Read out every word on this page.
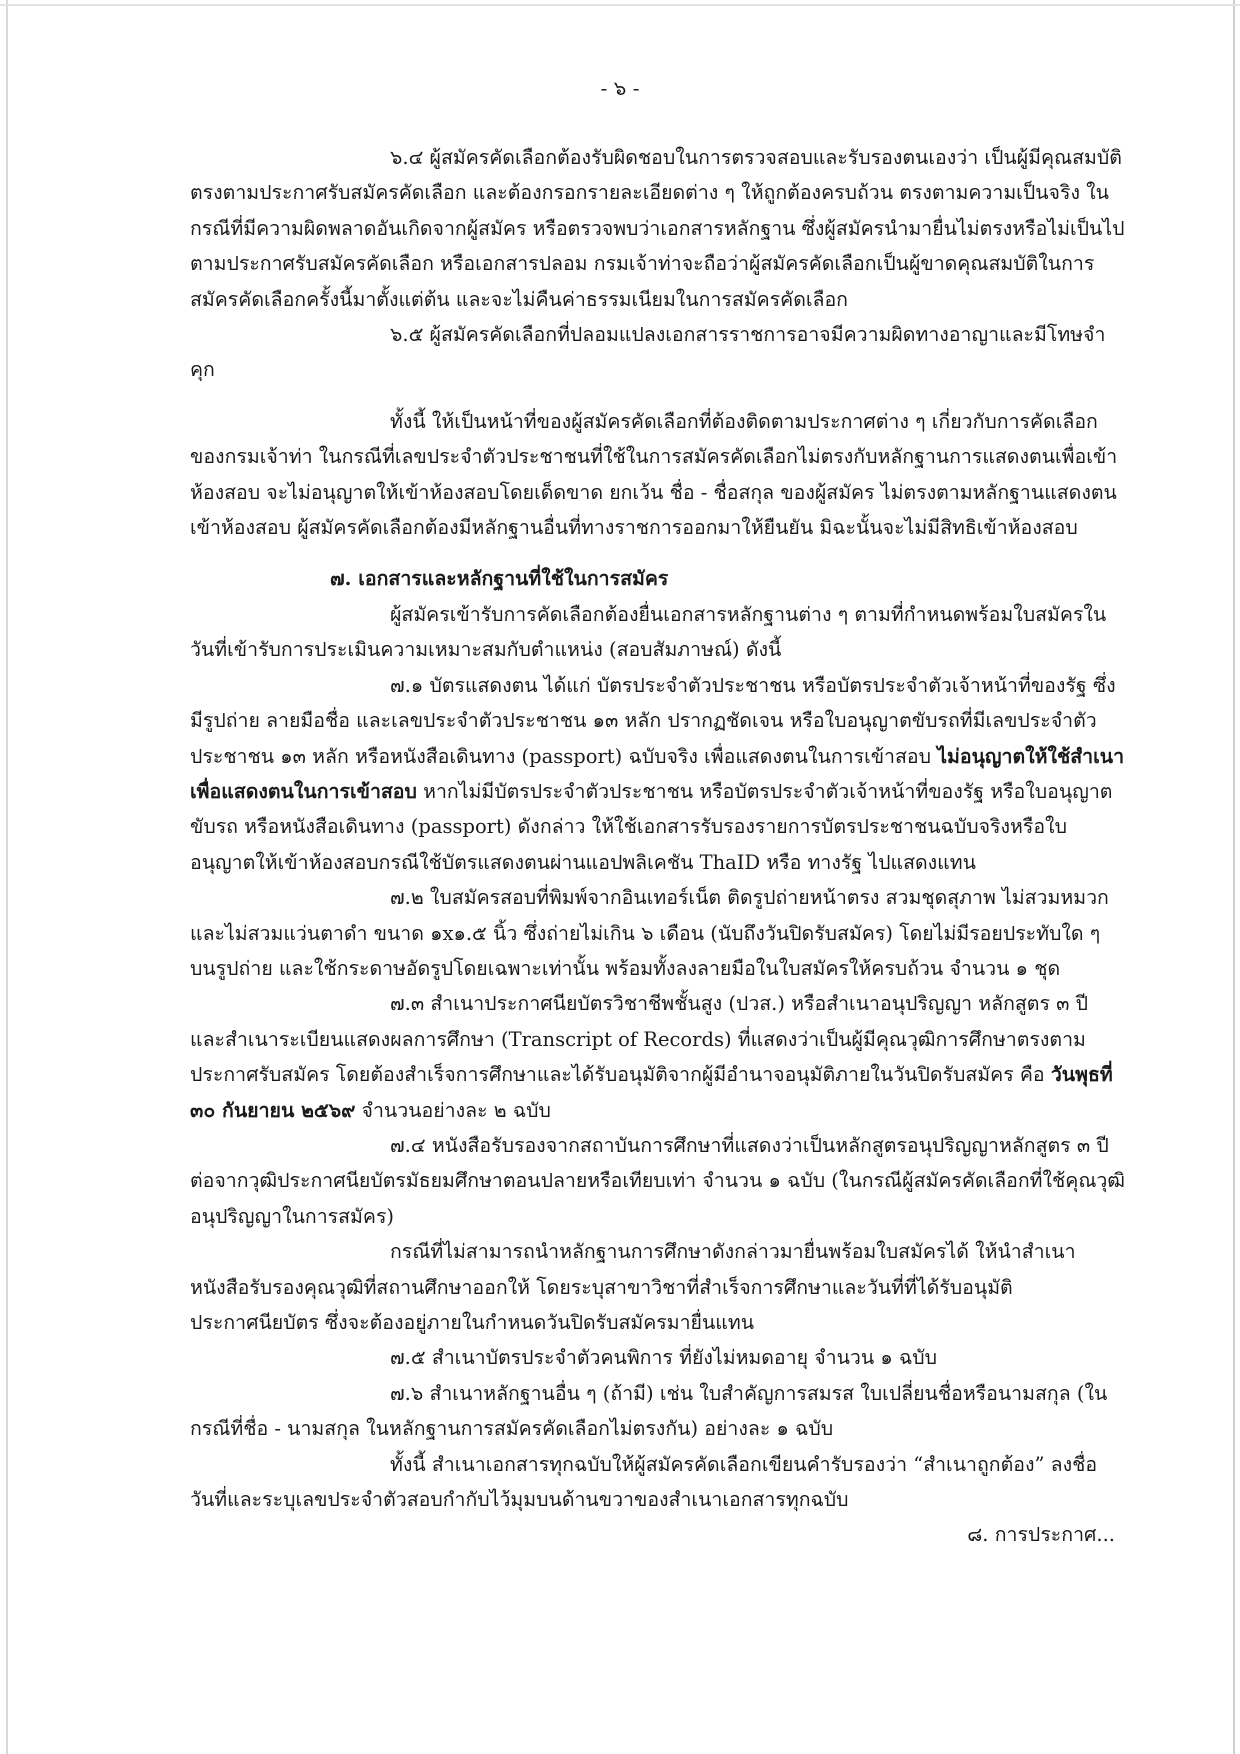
- ๖ -

๖.๔ ผู้สมัครคัดเลือกต้องรับผิดชอบในการตรวจสอบและรับรองตนเองว่า เป็นผู้มีคุณสมบัติตรงตามประกาศรับสมัครคัดเลือก และต้องกรอกรายละเอียดต่าง ๆ ให้ถูกต้องครบถ้วน ตรงตามความเป็นจริง ในกรณีที่มีความผิดพลาดอันเกิดจากผู้สมัคร หรือตรวจพบว่าเอกสารหลักฐาน ซึ่งผู้สมัครนำมายื่นไม่ตรงหรือไม่เป็นไปตามประกาศรับสมัครคัดเลือก หรือเอกสารปลอม กรมเจ้าท่าจะถือว่าผู้สมัครคัดเลือกเป็นผู้ขาดคุณสมบัติในการสมัครคัดเลือกครั้งนี้มาตั้งแต่ต้น และจะไม่คืนค่าธรรมเนียมในการสมัครคัดเลือก

๖.๕ ผู้สมัครคัดเลือกที่ปลอมแปลงเอกสารราชการอาจมีความผิดทางอาญาและมีโทษจำคุก

ทั้งนี้ ให้เป็นหน้าที่ของผู้สมัครคัดเลือกที่ต้องติดตามประกาศต่าง ๆ เกี่ยวกับการคัดเลือกของกรมเจ้าท่า ในกรณีที่เลขประจำตัวประชาชนที่ใช้ในการสมัครคัดเลือกไม่ตรงกับหลักฐานการแสดงตนเพื่อเข้าห้องสอบ จะไม่อนุญาตให้เข้าห้องสอบโดยเด็ดขาด ยกเว้น ชื่อ - ชื่อสกุล ของผู้สมัคร ไม่ตรงตามหลักฐานแสดงตนเข้าห้องสอบ ผู้สมัครคัดเลือกต้องมีหลักฐานอื่นที่ทางราชการออกมาให้ยืนยัน มิฉะนั้นจะไม่มีสิทธิเข้าห้องสอบ

๗. เอกสารและหลักฐานที่ใช้ในการสมัคร

ผู้สมัครเข้ารับการคัดเลือกต้องยื่นเอกสารหลักฐานต่าง ๆ ตามที่กำหนดพร้อมใบสมัครในวันที่เข้ารับการประเมินความเหมาะสมกับตำแหน่ง (สอบสัมภาษณ์) ดังนี้

๗.๑ บัตรแสดงตน ได้แก่ บัตรประจำตัวประชาชน หรือบัตรประจำตัวเจ้าหน้าที่ของรัฐ ซึ่งมีรูปถ่าย ลายมือชื่อ และเลขประจำตัวประชาชน ๑๓ หลัก ปรากฏชัดเจน หรือใบอนุญาตขับรถที่มีเลขประจำตัวประชาชน ๑๓ หลัก หรือหนังสือเดินทาง (passport) ฉบับจริง เพื่อแสดงตนในการเข้าสอบ ไม่อนุญาตให้ใช้สำเนาเพื่อแสดงตนในการเข้าสอบ หากไม่มีบัตรประจำตัวประชาชน หรือบัตรประจำตัวเจ้าหน้าที่ของรัฐ หรือใบอนุญาตขับรถ หรือหนังสือเดินทาง (passport) ดังกล่าว ให้ใช้เอกสารรับรองรายการบัตรประชาชนฉบับจริงหรือใบอนุญาตให้เข้าห้องสอบกรณีใช้บัตรแสดงตนผ่านแอปพลิเคชัน ThaID หรือ ทางรัฐ ไปแสดงแทน

๗.๒ ใบสมัครสอบที่พิมพ์จากอินเทอร์เน็ต ติดรูปถ่ายหน้าตรง สวมชุดสุภาพ ไม่สวมหมวกและไม่สวมแว่นตาดำ ขนาด ๑x๑.๕ นิ้ว ซึ่งถ่ายไม่เกิน ๖ เดือน (นับถึงวันปิดรับสมัคร) โดยไม่มีรอยประทับใด ๆ บนรูปถ่าย และใช้กระดาษอัดรูปโดยเฉพาะเท่านั้น พร้อมทั้งลงลายมือในใบสมัครให้ครบถ้วน จำนวน ๑ ชุด

๗.๓ สำเนาประกาศนียบัตรวิชาชีพชั้นสูง (ปวส.) หรือสำเนาอนุปริญญา หลักสูตร ๓ ปี และสำเนาระเบียนแสดงผลการศึกษา (Transcript of Records) ที่แสดงว่าเป็นผู้มีคุณวุฒิการศึกษาตรงตามประกาศรับสมัคร โดยต้องสำเร็จการศึกษาและได้รับอนุมัติจากผู้มีอำนาจอนุมัติภายในวันปิดรับสมัคร คือ วันพุธที่ ๓๐ กันยายน ๒๕๖๙ จำนวนอย่างละ ๒ ฉบับ

๗.๔ หนังสือรับรองจากสถาบันการศึกษาที่แสดงว่าเป็นหลักสูตรอนุปริญญาหลักสูตร ๓ ปี ต่อจากวุฒิประกาศนียบัตรมัธยมศึกษาตอนปลายหรือเทียบเท่า จำนวน ๑ ฉบับ (ในกรณีผู้สมัครคัดเลือกที่ใช้คุณวุฒิอนุปริญญาในการสมัคร)

กรณีที่ไม่สามารถนำหลักฐานการศึกษาดังกล่าวมายื่นพร้อมใบสมัครได้ ให้นำสำเนาหนังสือรับรองคุณวุฒิที่สถานศึกษาออกให้ โดยระบุสาขาวิชาที่สำเร็จการศึกษาและวันที่ที่ได้รับอนุมัติประกาศนียบัตร ซึ่งจะต้องอยู่ภายในกำหนดวันปิดรับสมัครมายื่นแทน

๗.๕ สำเนาบัตรประจำตัวคนพิการ ที่ยังไม่หมดอายุ จำนวน ๑ ฉบับ

๗.๖ สำเนาหลักฐานอื่น ๆ (ถ้ามี) เช่น ใบสำคัญการสมรส ใบเปลี่ยนชื่อหรือนามสกุล (ในกรณีที่ชื่อ - นามสกุล ในหลักฐานการสมัครคัดเลือกไม่ตรงกัน) อย่างละ ๑ ฉบับ

ทั้งนี้ สำเนาเอกสารทุกฉบับให้ผู้สมัครคัดเลือกเขียนคำรับรองว่า “สำเนาถูกต้อง” ลงชื่อ วันที่และระบุเลขประจำตัวสอบกำกับไว้มุมบนด้านขวาของสำเนาเอกสารทุกฉบับ

๘. การประกาศ...
